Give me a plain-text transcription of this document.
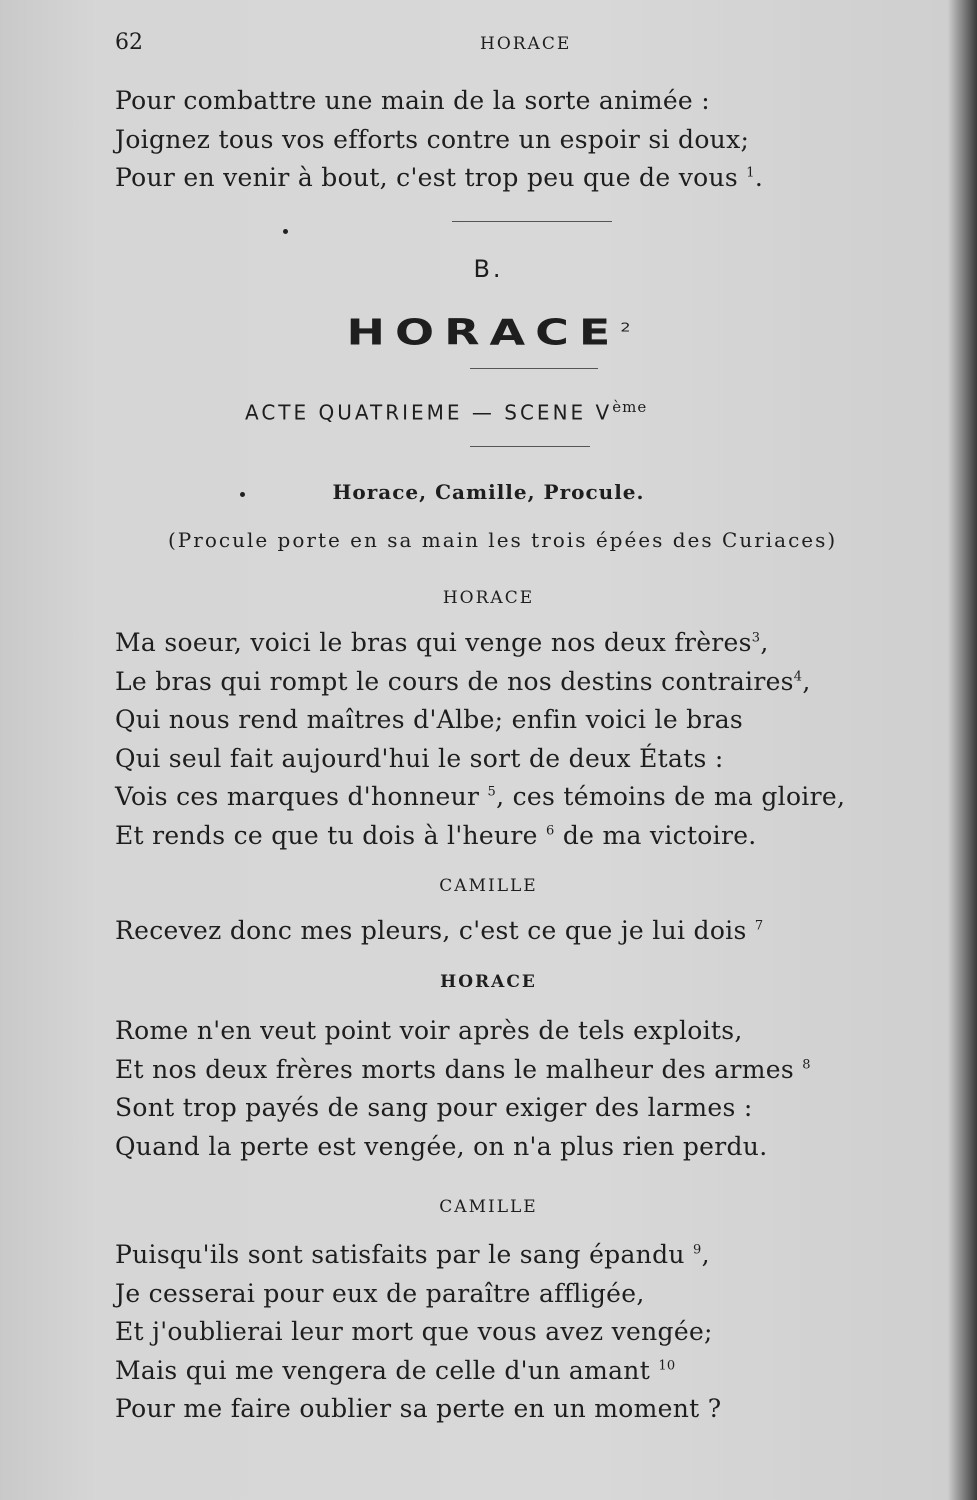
62	HORACE
Pour combattre une main de la sorte animée :
Joignez tous vos efforts contre un espoir si doux;
Pour en venir à bout, c'est trop peu que de vous $^1$.
B.
HORACE$^2$
ACTE QUATRIEME — SCENE Vème
Horace, Camille, Procule.
(Procule porte en sa main les trois épées des Curiaces)
HORACE
Ma soeur, voici le bras qui venge nos deux frères$^3$,
Le bras qui rompt le cours de nos destins contraires$^4$,
Qui nous rend maîtres d'Albe; enfin voici le bras
Qui seul fait aujourd'hui le sort de deux États :
Vois ces marques d'honneur $^5$, ces témoins de ma gloire,
Et rends ce que tu dois à l'heure $^6$ de ma victoire.
CAMILLE
Recevez donc mes pleurs, c'est ce que je lui dois $^7$
HORACE
Rome n'en veut point voir après de tels exploits,
Et nos deux frères morts dans le malheur des armes $^8$
Sont trop payés de sang pour exiger des larmes :
Quand la perte est vengée, on n'a plus rien perdu.
CAMILLE
Puisqu'ils sont satisfaits par le sang épandu $^9$,
Je cesserai pour eux de paraître affligée,
Et j'oublierai leur mort que vous avez vengée;
Mais qui me vengera de celle d'un amant $^{10}$
Pour me faire oublier sa perte en un moment ?
